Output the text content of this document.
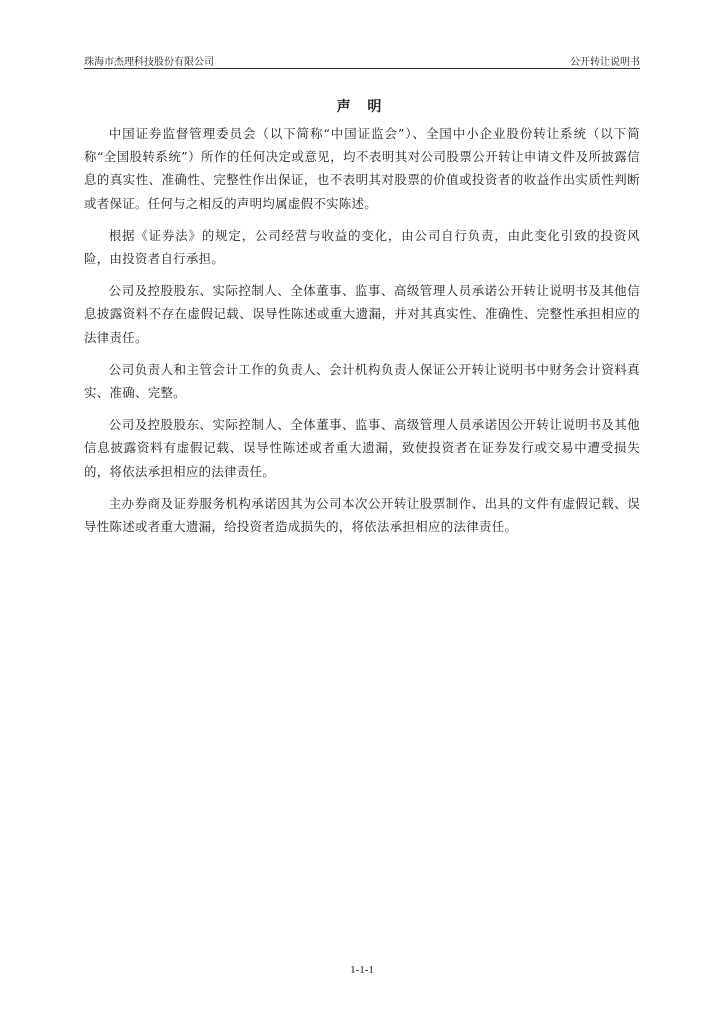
珠海市杰理科技股份有限公司	公开转让说明书
声 明

中国证券监督管理委员会（以下简称“中国证监会”）、全国中小企业股份转让系统（以下简称“全国股转系统”）所作的任何决定或意见，均不表明其对公司股票公开转让申请文件及所披露信息的真实性、准确性、完整性作出保证，也不表明其对股票的价值或投资者的收益作出实质性判断或者保证。任何与之相反的声明均属虚假不实陈述。

根据《证券法》的规定，公司经营与收益的变化，由公司自行负责，由此变化引致的投资风险，由投资者自行承担。

公司及控股股东、实际控制人、全体董事、监事、高级管理人员承诺公开转让说明书及其他信息披露资料不存在虚假记载、误导性陈述或重大遗漏，并对其真实性、准确性、完整性承担相应的法律责任。

公司负责人和主管会计工作的负责人、会计机构负责人保证公开转让说明书中财务会计资料真实、准确、完整。

公司及控股股东、实际控制人、全体董事、监事、高级管理人员承诺因公开转让说明书及其他信息披露资料有虚假记载、误导性陈述或者重大遗漏，致使投资者在证券发行或交易中遭受损失的，将依法承担相应的法律责任。

主办券商及证券服务机构承诺因其为公司本次公开转让股票制作、出具的文件有虚假记载、误导性陈述或者重大遗漏，给投资者造成损失的，将依法承担相应的法律责任。

1-1-1
